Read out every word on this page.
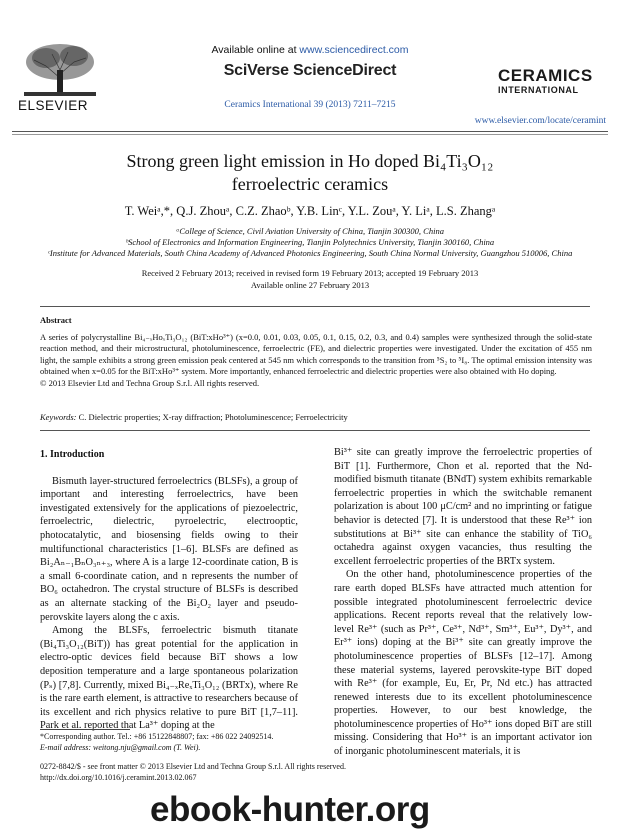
ELSEVIER
Available online at www.sciencedirect.com
SciVerse ScienceDirect
Ceramics International 39 (2013) 7211–7215
CERAMICS
INTERNATIONAL
www.elsevier.com/locate/ceramint
Strong green light emission in Ho doped Bi₄Ti₃O₁₂
ferroelectric ceramics
T. Weiᵃ,*, Q.J. Zhouᵃ, C.Z. Zhaoᵇ, Y.B. Linᶜ, Y.L. Zouᵃ, Y. Liᵃ, L.S. Zhangᵃ
ᵃCollege of Science, Civil Aviation University of China, Tianjin 300300, China
ᵇSchool of Electronics and Information Engineering, Tianjin Polytechnics University, Tianjin 300160, China
ᶜInstitute for Advanced Materials, South China Academy of Advanced Photonics Engineering, South China Normal University, Guangzhou 510006, China
Received 2 February 2013; received in revised form 19 February 2013; accepted 19 February 2013
Available online 27 February 2013
Abstract
A series of polycrystalline Bi₄₋ₓHoₓTi₃O₁₂ (BiT:xHo³⁺) (x=0.0, 0.01, 0.03, 0.05, 0.1, 0.15, 0.2, 0.3, and 0.4) samples were synthesized through the solid-state reaction method, and their microstructural, photoluminescence, ferroelectric (FE), and dielectric properties were investigated. Under the excitation of 455 nm light, the sample exhibits a strong green emission peak centered at 545 nm which corresponds to the transition from ⁵S₂ to ⁵I₈. The optimal emission intensity was obtained when x=0.05 for the BiT:xHo³⁺ system. More importantly, enhanced ferroelectric and dielectric properties were also obtained with Ho doping.
© 2013 Elsevier Ltd and Techna Group S.r.l. All rights reserved.
Keywords: C. Dielectric properties; X-ray diffraction; Photoluminescence; Ferroelectricity
1. Introduction

Bismuth layer-structured ferroelectrics (BLSFs), a group of important and interesting ferroelectrics, have been investigated extensively for the applications of piezoelectric, ferroelectric, dielectric, pyroelectric, electrooptic, photocatalytic, and biosensing fields owing to their multifunctional characteristics [1–6]. BLSFs are defined as Bi₂Aₙ₋₁BₙO₃ₙ₊₃, where A is a large 12-coordinate cation, B is a small 6-coordinate cation, and n represents the number of BO₆ octahedron. The crystal structure of BLSFs is described as an alternate stacking of the Bi₂O₂ layer and pseudo-perovskite layers along the c axis.

Among the BLSFs, ferroelectric bismuth titanate (Bi₄Ti₃O₁₂(BiT)) has great potential for the application in electro-optic devices field because BiT shows a low deposition temperature and a large spontaneous polarization (Pₛ) [7,8]. Currently, mixed Bi₄₋ₓReₓTi₃O₁₂ (BRTx), where Re is the rare earth element, is attractive to researchers because of its excellent and rich physics relative to pure BiT [1,7–11]. Park et al. reported that La³⁺ doping at the

Bi³⁺ site can greatly improve the ferroelectric properties of BiT [1]. Furthermore, Chon et al. reported that the Nd-modified bismuth titanate (BNdT) system exhibits remarkable ferroelectric properties in which the switchable remanent polarization is about 100 μC/cm² and no imprinting or fatigue behavior is detected [7]. It is understood that these Re³⁺ ion substitutions at Bi³⁺ site can enhance the stability of TiO₆ octahedra against oxygen vacancies, thus resulting the excellent ferroelectric properties of the BRTx system.

On the other hand, photoluminescence properties of the rare earth doped BLSFs have attracted much attention for possible integrated photoluminescent ferroelectric device applications. Recent reports reveal that the relatively low-level Re³⁺ (such as Pr³⁺, Ce³⁺, Nd³⁺, Sm³⁺, Eu³⁺, Dy³⁺, and Er³⁺ ions) doping at the Bi³⁺ site can greatly improve the photoluminescence properties of BLSFs [12–17]. Among these material systems, layered perovskite-type BiT doped with Re³⁺ (for example, Eu, Er, Pr, Nd etc.) has attracted renewed interests due to its excellent photoluminescence properties. However, to our best knowledge, the photoluminescence properties of Ho³⁺ ions doped BiT are still missing. Considering that Ho³⁺ is an important activator ion of inorganic photoluminescent materials, it is

*Corresponding author. Tel.: +86 15122848807; fax: +86 022 24092514.
E-mail address: weitong.nju@gmail.com (T. Wei).
0272-8842/$ - see front matter © 2013 Elsevier Ltd and Techna Group S.r.l. All rights reserved.
http://dx.doi.org/10.1016/j.ceramint.2013.02.067
ebook-hunter.org
